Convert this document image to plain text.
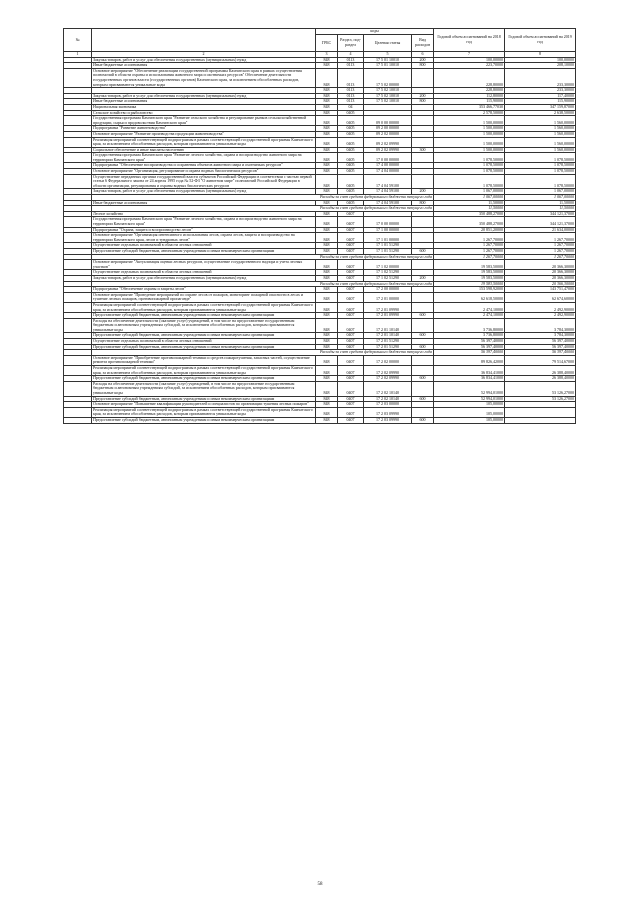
№		коды				Годовой объем ассигнований на 2018 год	Годовой объем ассигнований на 2019 год
		ГРБС	Раздел, под-раздел	Целевая статья	Вид расходов		
1	2	3	4	5	6	7	8
	Закупка товаров, работ и услуг для обеспечения государственных (муниципальных) нужд	848	0113	17 5 01 10010	200	100,00000	100,00000
	Иные бюджетные ассигнования	848	0113	17 5 01 10010	800	223,70000	208,10000
	Основное мероприятие "Обеспечение реализации государственной программы Камчатского края в рамках осуществления полномочий в области охраны и использования животного мира и охотничьих ресурсов" Обеспечение деятельности государственных органов власти (государственных органов) Камчатского края, за исключением обособленных расходов, которым присваиваются уникальные коды	848	0113	17 5 02 00000		228,80000	233,30000
		848	0113	17 5 02 10010		228,80000	233,30000
	Закупка товаров, работ и услуг для обеспечения государственных (муниципальных) нужд	848	0113	17 5 02 10010	200	112,80000	117,40000
	Иные бюджетные ассигнования	848	0113	17 5 02 10010	800	115,90000	115,90000
	Национальная экономика	848	04			353 466,77030	347 159,87000
	Сельское хозяйство и рыболовство	848	0405			2 578,50000	2 638,50000
	Государственная программа Камчатского края "Развитие сельского хозяйства и регулирование рынков сельскохозяйственной продукции, сырья и продовольствия Камчатского края"	848	0405	09 0 00 00000		1 500,00000	1 560,00000
	Подпрограмма "Развитие животноводства"	848	0405	09 2 00 00000		1 500,00000	1 560,00000
	Основное мероприятие "Развитие производства продукции животноводства"	848	0405	09 2 02 00000		1 500,00000	1 560,00000
	Реализация мероприятий соответствующей подпрограммы в рамках соответствующей государственной программы Камчатского края, за исключением обособленных расходов, которым присваиваются уникальные коды	848	0405	09 2 02 09990		1 500,00000	1 560,00000
	Социальное обеспечение и иные выплаты населению	848	0405	09 2 02 09990	300	1 500,00000	1 560,00000
	Государственная программа Камчатского края "Развитие лесного хозяйства, охрана и воспроизводство животного мира на территории Камчатского края"	848	0405	17 0 00 00000		1 078,50000	1 078,50000
	Подпрограмма "Обеспечение воспроизводства и сохранения объектов животного мира и охотничьих ресурсов"	848	0405	17 4 00 00000		1 078,50000	1 078,50000
	Основное мероприятие "Организация, регулирование и охрана водных биологических ресурсов"	848	0405	17 4 04 00000		1 078,50000	1 078,50000
	Осуществление переданных органам государственной власти субъектов Российской Федерации в соответствии с частью первой статьи 6 Федерального закона от 24 апреля 1995 года № 52-ФЗ "О животном мире" полномочий Российской Федерации в области организации, регулирования и охраны водных биологических ресурсов	848	0405	17 4 04 59100		1 078,50000	1 078,50000
	Закупка товаров, работ и услуг для обеспечения государственных (муниципальных) нужд	848	0405	17 4 04 59100	200	1 067,00000	1 067,00000
	Расходы за счет средств федерального бюджета текущего года					1 067,00000	1 067,00000
	Иные бюджетные ассигнования	848	0405	17 4 04 59100	800	11,50000	11,50000
	Расходы за счет средств федерального бюджета текущего года					11,50000	11,50000
	Лесное хозяйство	848	0407			350 488,27000	344 121,37000
	Государственная программа Камчатского края "Развитие лесного хозяйства, охрана и воспроизводство животного мира на территории Камчатского края"	848	0407	17 0 00 00000		350 488,27000	344 121,37000
	Подпрограмма "Охрана, защита и воспроизводство лесов"	848	0407	17 1 00 00000		20 851,20000	21 634,00000
	Основное мероприятие "Организация интенсивного использования лесов, охрана лесов, защита и воспроизводство на территории Камчатского края, лесов и тундровых лесов"	848	0407	17 1 01 00000		1 267,70000	1 267,70000
	Осуществление отдельных полномочий в области лесных отношений	848	0407	17 1 01 51290		1 267,70000	1 267,70000
	Предоставление субсидий бюджетным, автономным учреждениям и иным некоммерческим организациям	848	0407	17 1 01 51290	600	1 267,70000	1 267,70000
	Расходы за счет средств федерального бюджета текущего года					1 267,70000	1 267,70000
	Основное мероприятие "Актуализация оценки лесных ресурсов, осуществление государственного надзора и учета лесных участков"	848	0407	17 1 02 00000		19 583,50000	20 366,30000
	Осуществление отдельных полномочий в области лесных отношений	848	0407	17 1 02 51290		19 583,50000	20 366,30000
	Закупка товаров, работ и услуг для обеспечения государственных (муниципальных) нужд	848	0407	17 1 02 51290	200	19 583,50000	20 366,30000
	Расходы за счет средств федерального бюджета текущего года					19 583,50000	20 366,30000
	Подпрограмма "Обеспечение охраны и защиты лесов"	848	0407	17 2 00 00000		153 598,92000	143 751,47000
	Основное мероприятие "Проведение мероприятий по охране лесов от пожаров, мониторинг пожарной опасности в лесах и тушение лесных пожаров, противопожарной пропаганде"	848	0407	17 2 01 00000		62 618,50000	62 674,60000
	Реализация мероприятий соответствующей подпрограммы в рамках соответствующей государственной программы Камчатского края, за исключением обособленных расходов, которым присваиваются уникальные коды	848	0407	17 2 01 09990		2 474,10000	2 492,90000
	Предоставление субсидий бюджетным, автономным учреждениям и иным некоммерческим организациям	848	0407	17 2 01 09990	600	2 474,10000	2 492,90000
	Расходы на обеспечение деятельности (оказание услуг) учреждений, в том числе на предоставление государственным бюджетным и автономным учреждениям субсидий, за исключением обособленных расходов, которым присваиваются уникальные коды	848	0407	17 2 01 10140		3 736,80000	3 784,30000
	Предоставление субсидий бюджетным, автономным учреждениям и иным некоммерческим организациям	848	0407	17 2 01 10140	600	3 736,80000	3 784,30000
	Осуществление отдельных полномочий в области лесных отношений	848	0407	17 2 01 51290		56 397,40000	56 397,40000
	Предоставление субсидий бюджетным, автономным учреждениям и иным некоммерческим организациям	848	0407	17 2 01 51290	600	56 397,40000	56 397,40000
	Расходы за счет средств федерального бюджета текущего года					56 397,40000	56 397,40000
	Основное мероприятие "Приобретение противопожарной техники и средств пожаротушения, запасных частей, осуществление ремонта противопожарной техники"	848	0407	17 2 02 00000		89 826,42000	79 514,67000
	Реализация мероприятий соответствующей подпрограммы в рамках соответствующей государственной программы Камчатского края, за исключением обособленных расходов, которым присваиваются уникальные коды	848	0407	17 2 02 09990		36 834,41000	26 388,40000
	Предоставление субсидий бюджетным, автономным учреждениям и иным некоммерческим организациям	848	0407	17 2 02 09990	600	36 834,41000	26 388,40000
	Расходы на обеспечение деятельности (оказание услуг) учреждений, в том числе на предоставление государственным бюджетным и автономным учреждениям субсидий, за исключением обособленных расходов, которым присваиваются уникальные коды	848	0407	17 2 02 10140		52 994,01000	53 126,27000
	Предоставление субсидий бюджетным, автономным учреждениям и иным некоммерческим организациям	848	0407	17 2 02 10140	600	52 994,01000	53 126,27000
	Основное мероприятие "Повышение квалификации руководителей и специалистов по организации тушения лесных пожаров"	848	0407	17 2 03 00000		105,00000	
	Реализация мероприятий соответствующей подпрограммы в рамках соответствующей государственной программы Камчатского края, за исключением обособленных расходов, которым присваиваются уникальные коды	848	0407	17 2 03 09990		105,00000	
	Предоставление субсидий бюджетным, автономным учреждениям и иным некоммерческим организациям	848	0407	17 2 03 09990	600	105,00000	
58
